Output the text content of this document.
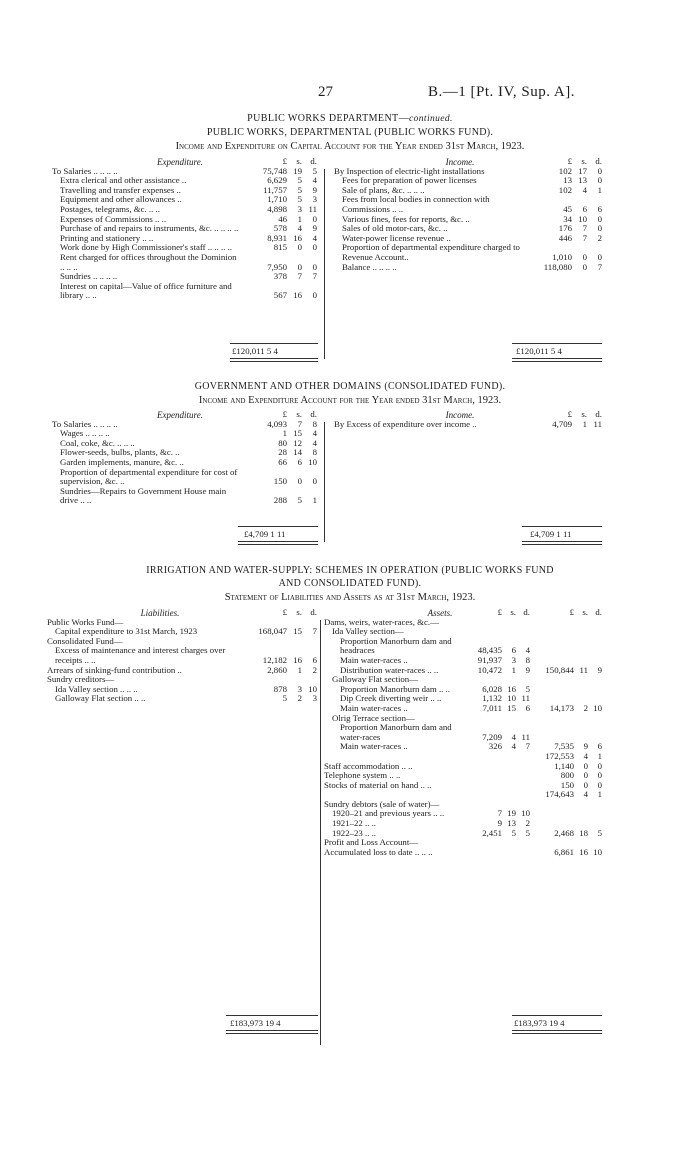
27	B.—1 [Pt. IV, Sup. A].
PUBLIC WORKS DEPARTMENT—continued.
PUBLIC WORKS, DEPARTMENTAL (PUBLIC WORKS FUND).
Income and Expenditure on Capital Account for the Year ended 31st March, 1923.
Expenditure.	Income.
	£	s.	d.
To Salaries .. .. .. ..	75,748	19	5
Extra clerical and other assistance ..	6,629	5	4
Travelling and transfer expenses ..	11,757	5	9
Equipment and other allowances ..	1,710	5	3
Postages, telegrams, &c. .. ..	4,898	3	11
Expenses of Commissions .. ..	46	1	0
Purchase of and repairs to instruments, &c. .. .. .. ..	578	4	9
Printing and stationery .. ..	8,931	16	4
Work done by High Commissioner's staff .. .. .. ..	815	0	0
Rent charged for offices throughout the Dominion .. .. ..	7,950	0	0
Sundries .. .. .. ..	378	7	7
Interest on capital—Value of office furniture and library .. ..	567	16	0
	£	s.	d.
By Inspection of electric-light installations	102	17	0
Fees for preparation of power licenses	13	13	0
Sale of plans, &c. .. .. ..	102	4	1
Fees from local bodies in connection with Commissions .. ..	45	6	6
Various fines, fees for reports, &c. ..	34	10	0
Sales of old motor-cars, &c. ..	176	7	0
Water-power license revenue ..	446	7	2
Proportion of departmental expenditure charged to Revenue Account..	1,010	0	0
Balance .. .. .. ..	118,080	0	7
£120,011 5 4	£120,011 5 4
GOVERNMENT AND OTHER DOMAINS (CONSOLIDATED FUND).
Income and Expenditure Account for the Year ended 31st March, 1923.
Expenditure.	Income.
	£	s.	d.
To Salaries .. .. .. ..	4,093	7	8
Wages .. .. .. ..	1	15	4
Coal, coke, &c. .. .. ..	80	12	4
Flower-seeds, bulbs, plants, &c. ..	28	14	8
Garden implements, manure, &c. ..	66	6	10
Proportion of departmental expenditure for cost of supervision, &c. ..	150	0	0
Sundries—Repairs to Government House main drive .. ..	288	5	1
	£	s.	d.
By Excess of expenditure over income ..	4,709	1	11
£4,709 1 11	£4,709 1 11
IRRIGATION AND WATER-SUPPLY: SCHEMES IN OPERATION (PUBLIC WORKS FUND
AND CONSOLIDATED FUND).
Statement of Liabilities and Assets as at 31st March, 1923.
Liabilities.	Assets.
	£	s.	d.
Public Works Fund—			
Capital expenditure to 31st March, 1923	168,047	15	7
Consolidated Fund—			
Excess of maintenance and interest charges over receipts .. ..	12,182	16	6
Arrears of sinking-fund contribution ..	2,860	1	2
Sundry creditors—			
Ida Valley section .. .. ..	878	3	10
Galloway Flat section .. ..	5	2	3
	£	s.	d.	£	s.	d.
Dams, weirs, water-races, &c.—						
Ida Valley section—						
Proportion Manorburn dam and headraces	48,435	6	4			
Main water-races ..	91,937	3	8			
Distribution water-races .. ..	10,472	1	9	150,844	11	9
Galloway Flat section—						
Proportion Manorburn dam .. ..	6,028	16	5			
Dip Creek diverting weir .. ..	1,132	10	11			
Main water-races ..	7,011	15	6	14,173	2	10
Olrig Terrace section—						
Proportion Manorburn dam and water-races	7,209	4	11			
Main water-races ..	326	4	7	7,535	9	6
				172,553	4	1
Staff accommodation .. ..				1,140	0	0
Telephone system .. ..				800	0	0
Stocks of material on hand .. ..				150	0	0
				174,643	4	1
Sundry debtors (sale of water)—						
1920–21 and previous years .. ..	7	19	10			
1921–22 .. ..	9	13	2			
1922–23 .. ..	2,451	5	5	2,468	18	5
Profit and Loss Account—Accumulated loss to date .. .. ..				6,861	16	10
£183,973 19 4	£183,973 19 4
